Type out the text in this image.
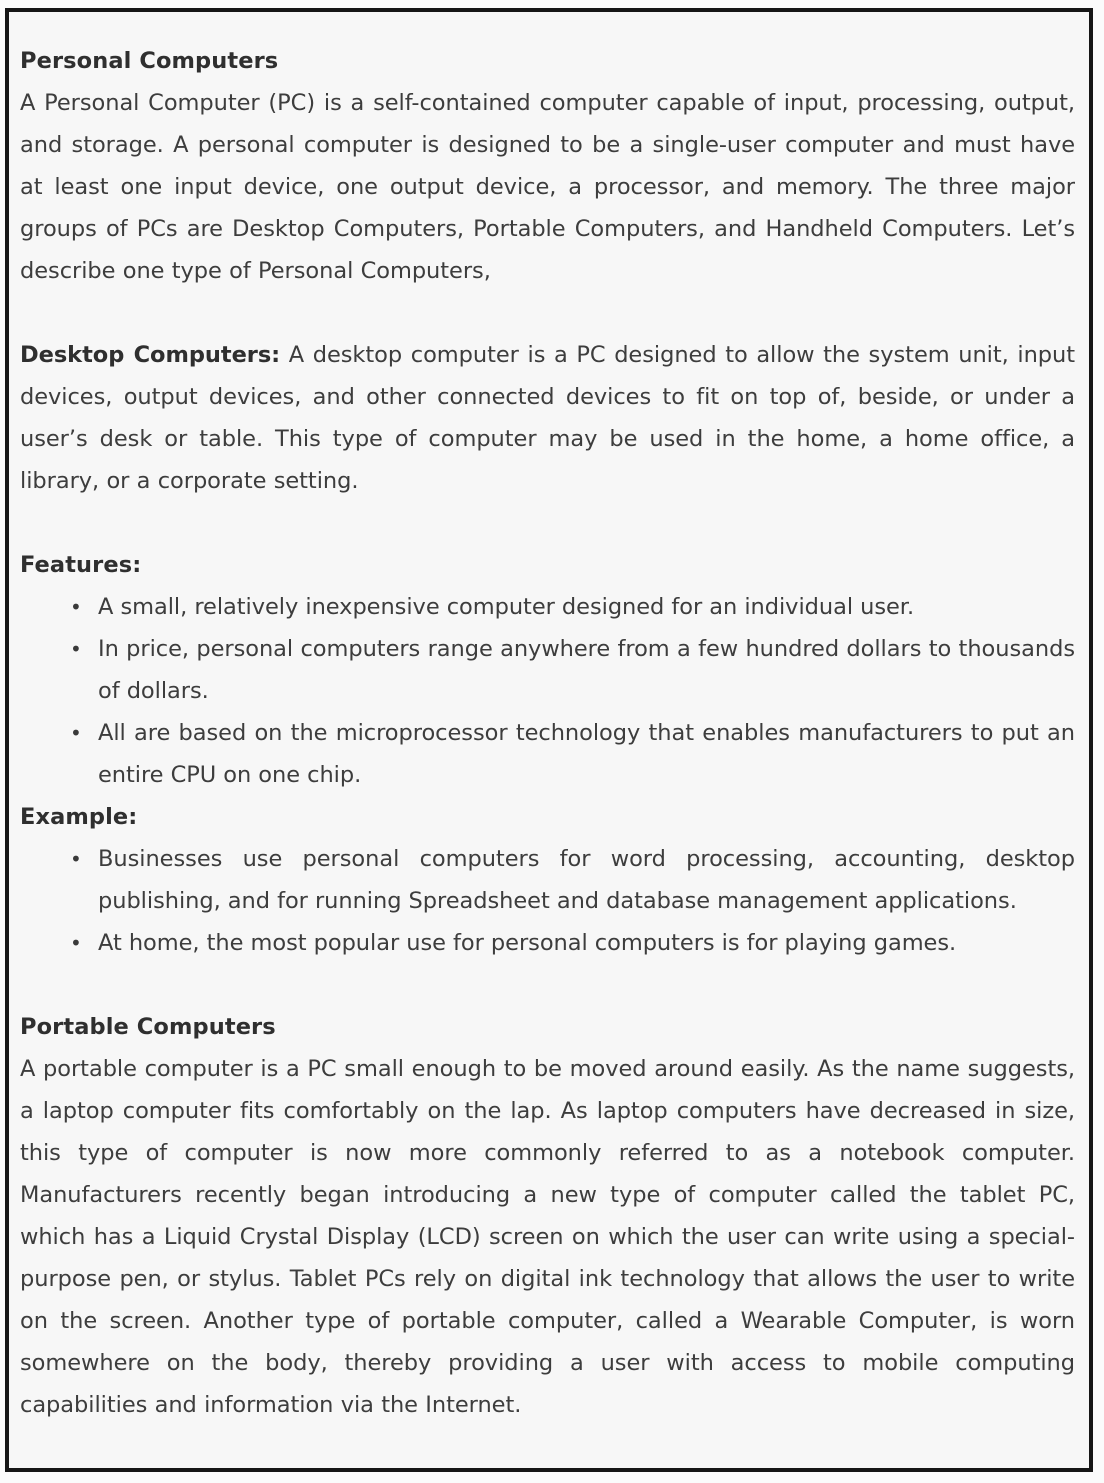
Personal Computers

A Personal Computer (PC) is a self-contained computer capable of input, processing, output, and storage. A personal computer is designed to be a single-user computer and must have at least one input device, one output device, a processor, and memory. The three major groups of PCs are Desktop Computers, Portable Computers, and Handheld Computers. Let’s describe one type of Personal Computers,

Desktop Computers: A desktop computer is a PC designed to allow the system unit, input devices, output devices, and other connected devices to fit on top of, beside, or under a user’s desk or table. This type of computer may be used in the home, a home office, a library, or a corporate setting.

Features:
• A small, relatively inexpensive computer designed for an individual user.
• In price, personal computers range anywhere from a few hundred dollars to thousands of dollars.
• All are based on the microprocessor technology that enables manufacturers to put an entire CPU on one chip.
Example:
• Businesses use personal computers for word processing, accounting, desktop publishing, and for running Spreadsheet and database management applications.
• At home, the most popular use for personal computers is for playing games.
Portable Computers

A portable computer is a PC small enough to be moved around easily. As the name suggests, a laptop computer fits comfortably on the lap. As laptop computers have decreased in size, this type of computer is now more commonly referred to as a notebook computer. Manufacturers recently began introducing a new type of computer called the tablet PC, which has a Liquid Crystal Display (LCD) screen on which the user can write using a special-purpose pen, or stylus. Tablet PCs rely on digital ink technology that allows the user to write on the screen. Another type of portable computer, called a Wearable Computer, is worn somewhere on the body, thereby providing a user with access to mobile computing capabilities and information via the Internet.
